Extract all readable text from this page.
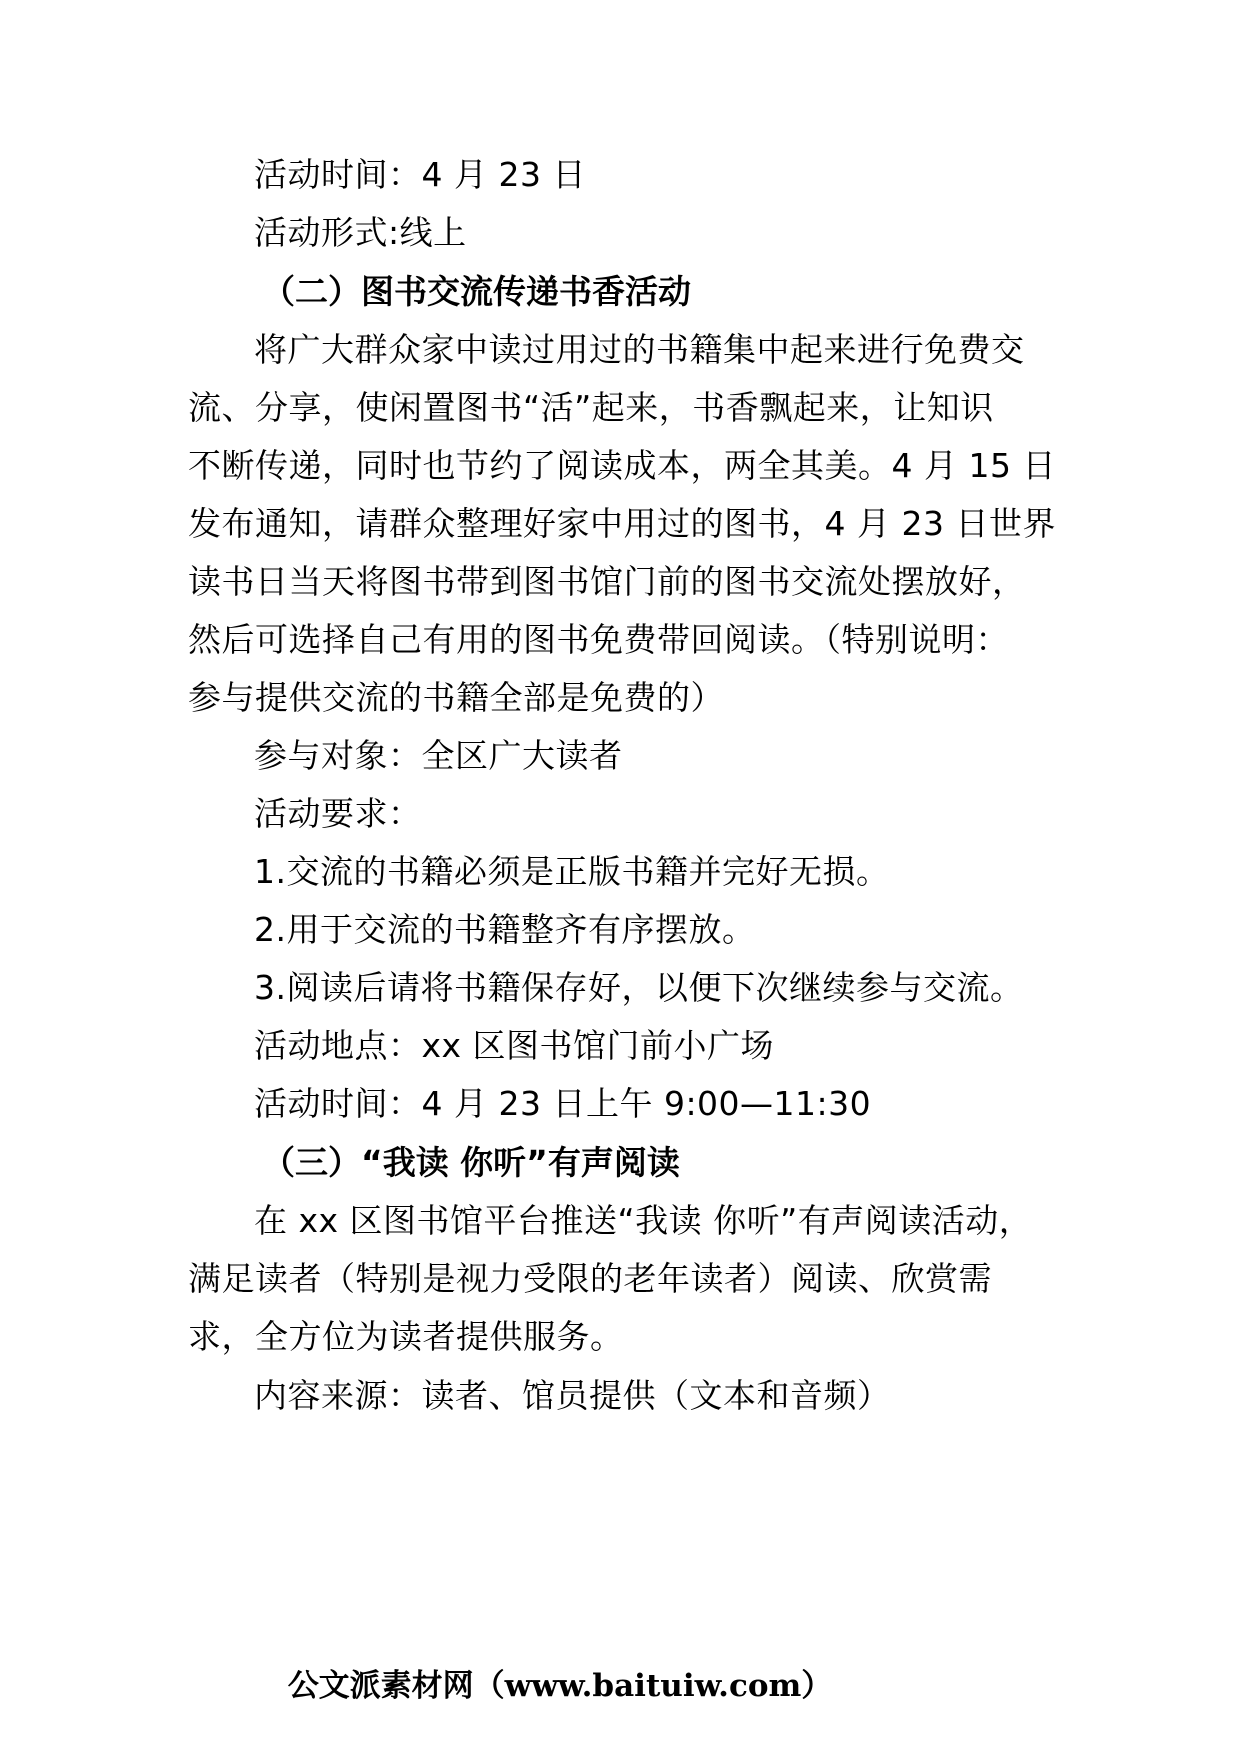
活动时间：4 月 23 日
活动形式:线上
（二）图书交流传递书香活动
将广大群众家中读过用过的书籍集中起来进行免费交
流、分享，使闲置图书“活”起来，书香飘起来，让知识
不断传递，同时也节约了阅读成本，两全其美。4 月 15 日
发布通知，请群众整理好家中用过的图书，4 月 23 日世界
读书日当天将图书带到图书馆门前的图书交流处摆放好，
然后可选择自己有用的图书免费带回阅读。（特别说明：
参与提供交流的书籍全部是免费的）
参与对象：全区广大读者
活动要求：
1.交流的书籍必须是正版书籍并完好无损。
2.用于交流的书籍整齐有序摆放。
3.阅读后请将书籍保存好，以便下次继续参与交流。
活动地点：xx 区图书馆门前小广场
活动时间：4 月 23 日上午 9:00—11:30
（三）“我读 你听”有声阅读
在 xx 区图书馆平台推送“我读 你听”有声阅读活动，
满足读者（特别是视力受限的老年读者）阅读、欣赏需
求，全方位为读者提供服务。
内容来源：读者、馆员提供（文本和音频）
公文派素材网（www.baituiw.com）
